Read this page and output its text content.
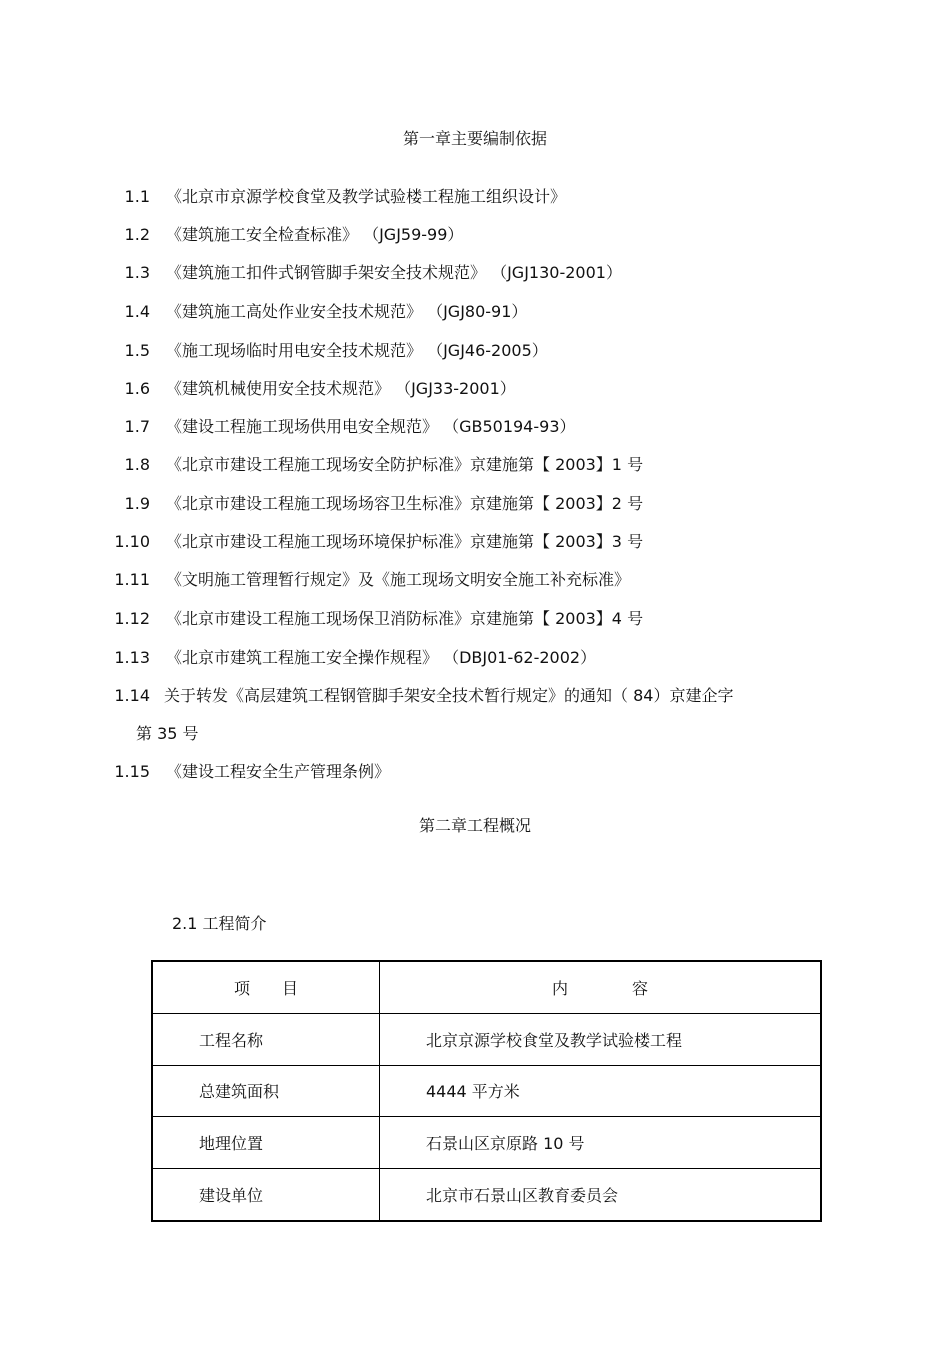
第一章主要编制依据
1.1 《北京市京源学校食堂及教学试验楼工程施工组织设计》
1.2 《建筑施工安全检查标准》 （JGJ59-99）
1.3 《建筑施工扣件式钢管脚手架安全技术规范》 （JGJ130-2001）
1.4 《建筑施工高处作业安全技术规范》 （JGJ80-91）
1.5 《施工现场临时用电安全技术规范》 （JGJ46-2005）
1.6 《建筑机械使用安全技术规范》 （JGJ33-2001）
1.7 《建设工程施工现场供用电安全规范》 （GB50194-93）
1.8 《北京市建设工程施工现场安全防护标准》京建施第【 2003】1 号
1.9 《北京市建设工程施工现场场容卫生标准》京建施第【 2003】2 号
1.10 《北京市建设工程施工现场环境保护标准》京建施第【 2003】3 号
1.11 《文明施工管理暂行规定》及《施工现场文明安全施工补充标准》
1.12 《北京市建设工程施工现场保卫消防标准》京建施第【 2003】4 号
1.13 《北京市建筑工程施工安全操作规程》 （DBJ01-62-2002）
1.14 关于转发《高层建筑工程钢管脚手架安全技术暂行规定》的通知（ 84）京建企字
第 35 号
1.15 《建设工程安全生产管理条例》
第二章工程概况
2.1 工程简介
项　　目	内　　　　容
工程名称	北京京源学校食堂及教学试验楼工程
总建筑面积	4444 平方米
地理位置	石景山区京原路 10 号
建设单位	北京市石景山区教育委员会
